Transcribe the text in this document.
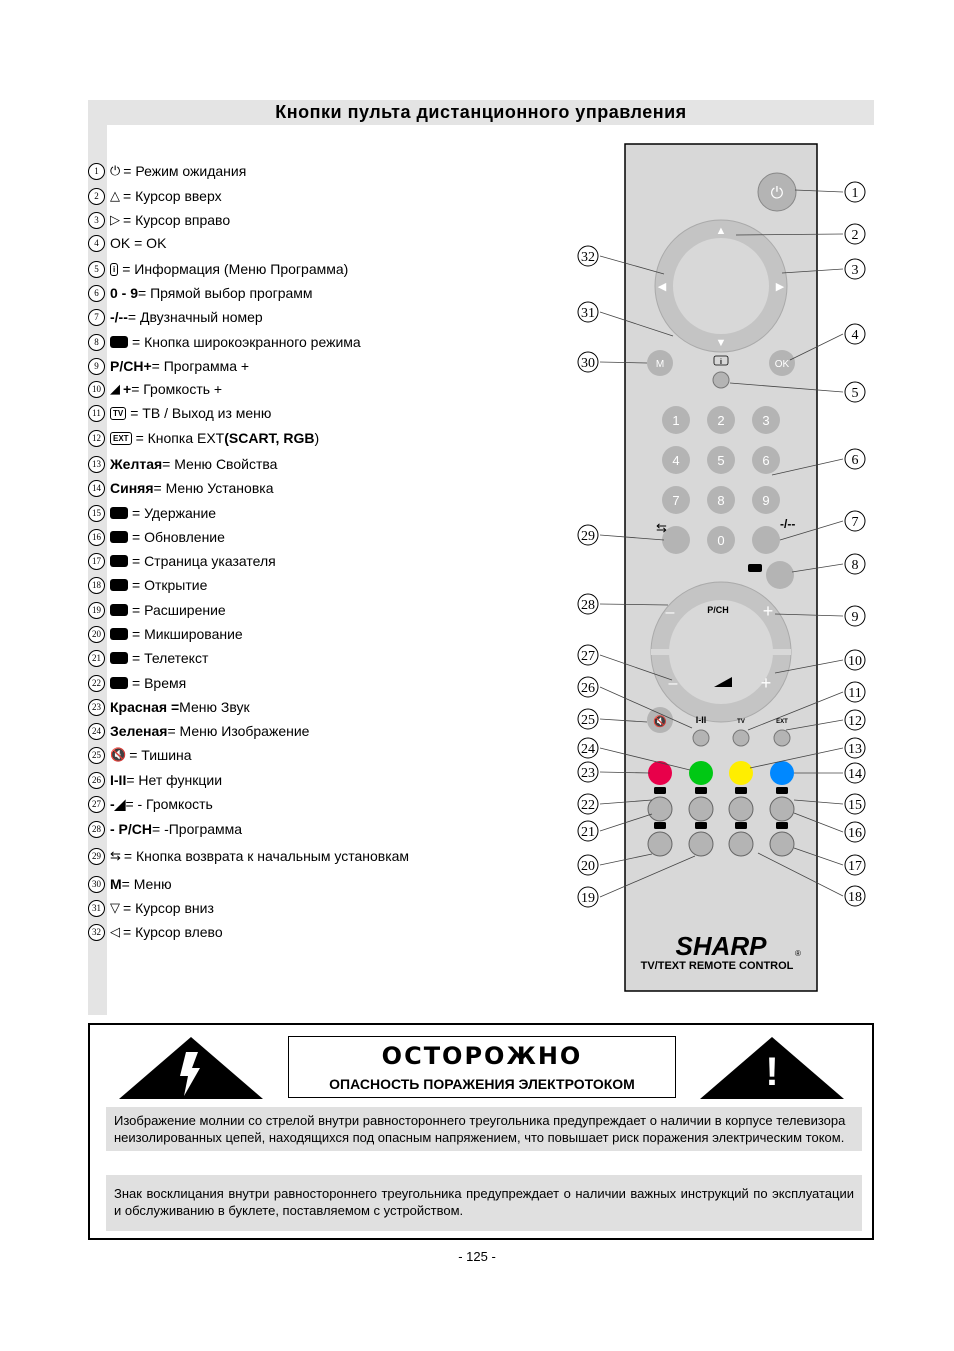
Кнопки пульта дистанционного управления
1 ⏻ = Режим ожидания
2 △ = Курсор вверх
3 ▷ = Курсор вправо
4 OK = OK
5	i = Информация (Меню Программа)
6 0 - 9 = Прямой выбор программ
7 -/-- = Двузначный номер
8	= Кнопка широкоэкранного режима
9 P/CH+ = Программа +
10 ◢ + = Громкость +
11	TV = ТВ / Выход из меню
12	EXT = Кнопка EXT (SCART, RGB )
13 Желтая = Меню Свойства
14 Синяя = Меню Установка
15 = Удержание
16 = Обновление
17 = Страница указателя
18 = Открытие
19 = Расширение
20 = Микширование
21 = Телетекст
22 = Время
23 Красная = Меню Звук
24 Зеленая = Меню Изображение
25 🔇 = Тишина
26 I-II = Нет функции
27 -◢ = - Громкость
28 - P/CH = -Программа
29 ⇆ = Кнопка возврата к начальным установкам
30 M = Меню
31 ▽ = Курсор вниз
32 ◁ = Курсор влево
⏻
▲
▼
◀	▶
M	OK
i
1	2	3
4	5	6
7	8	9
0
⇆	-/--
P/CH
–	+
–	+
🔇	I-II	TV	EXT
1
2
3
4
5
6
7
8
9
10
11
12
13
14
15
16
17
18
19
20
21
22
23
24
25
26
27
28
29
30
31
32
SHARP	®
TV/TEXT REMOTE CONTROL
!
ОСТОРОЖНО
ОПАСНОСТЬ ПОРАЖЕНИЯ ЭЛЕКТРОТОКОМ
Изображение молнии со стрелой внутри равностороннего треугольника предупреждает о наличии в корпусе телевизора неизолированных цепей, находящихся под опасным напряжением, что повышает риск поражения электрическим током.
Знак восклицания внутри равностороннего треугольника предупреждает о наличии важных инструкций по эксплуатации и обслуживанию в буклете, поставляемом с устройством.
- 125 -
